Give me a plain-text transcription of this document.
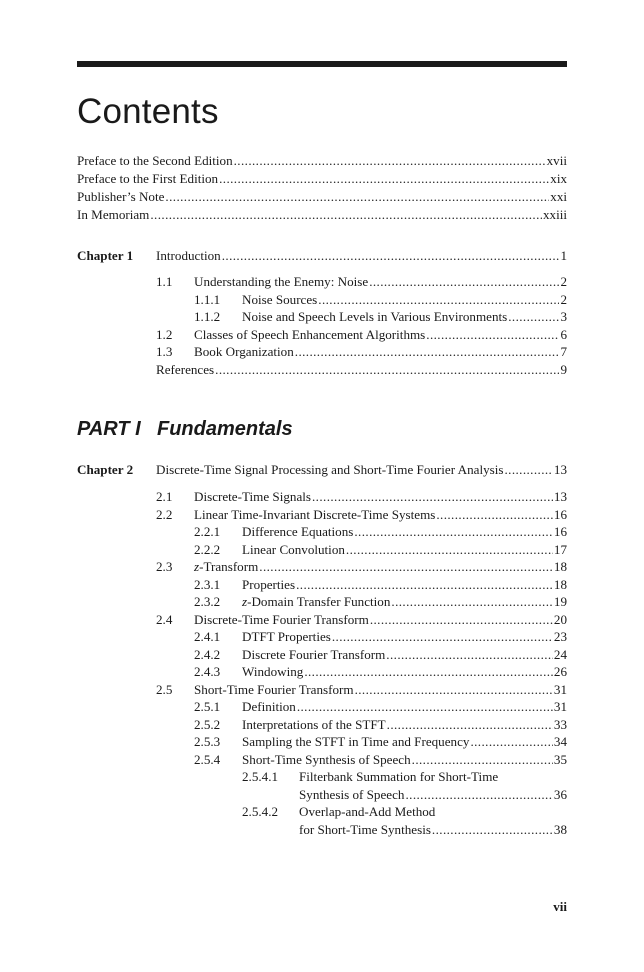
Contents
Preface to the Second Edition .....	xvii
Preface to the First Edition .....	xix
Publisher’s Note .....	xxi
In Memoriam .....	xxiii
Chapter 1 Introduction .....	1
1.1	Understanding the Enemy: Noise .....	2
1.1.1	Noise Sources .....	2
1.1.2	Noise and Speech Levels in Various Environments .....	3
1.2	Classes of Speech Enhancement Algorithms .....	6
1.3	Book Organization .....	7
References .....	9
PART I Fundamentals
Chapter 2 Discrete-Time Signal Processing and Short-Time Fourier Analysis .....	13
2.1	Discrete-Time Signals .....	13
2.2	Linear Time-Invariant Discrete-Time Systems .....	16
2.2.1	Difference Equations .....	16
2.2.2	Linear Convolution .....	17
2.3	z -Transform .....	18
2.3.1	Properties .....	18
2.3.2	z -Domain Transfer Function .....	19
2.4	Discrete-Time Fourier Transform .....	20
2.4.1	DTFT Properties .....	23
2.4.2	Discrete Fourier Transform .....	24
2.4.3	Windowing .....	26
2.5	Short-Time Fourier Transform .....	31
2.5.1	Definition .....	31
2.5.2	Interpretations of the STFT .....	33
2.5.3	Sampling the STFT in Time and Frequency .....	34
2.5.4	Short-Time Synthesis of Speech .....	35
2.5.4.1 Filterbank Summation for Short-Time
Synthesis of Speech .....	36
2.5.4.2 Overlap-and-Add Method
for Short-Time Synthesis .....	38
vii
